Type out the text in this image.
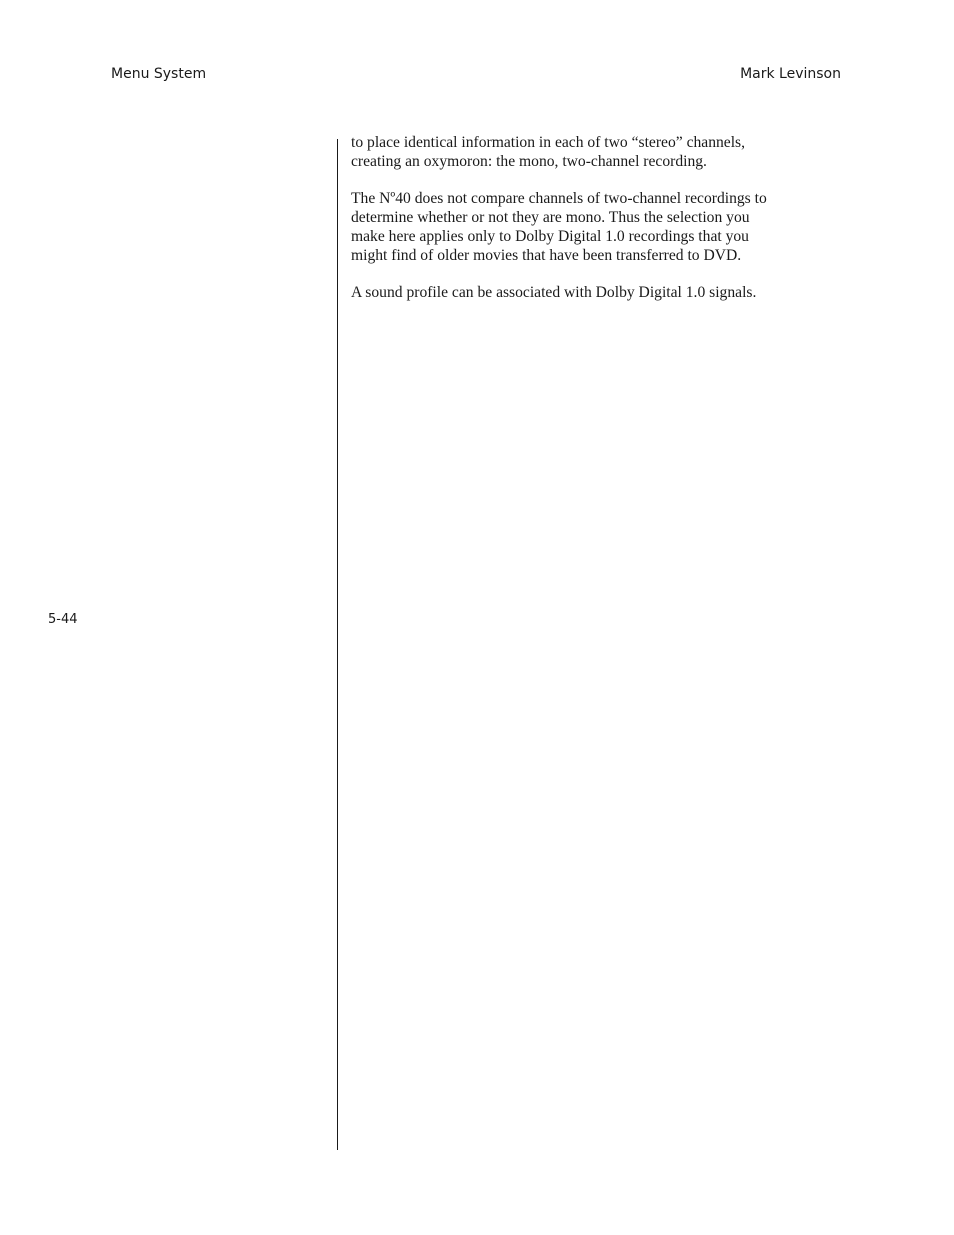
Menu System	Mark Levinson

to place identical information in each of two “stereo” channels,
creating an oxymoron: the mono, two-channel recording.

The Nº40 does not compare channels of two-channel recordings to
determine whether or not they are mono. Thus the selection you
make here applies only to Dolby Digital 1.0 recordings that you
might find of older movies that have been transferred to DVD.

A sound profile can be associated with Dolby Digital 1.0 signals.

5-44
